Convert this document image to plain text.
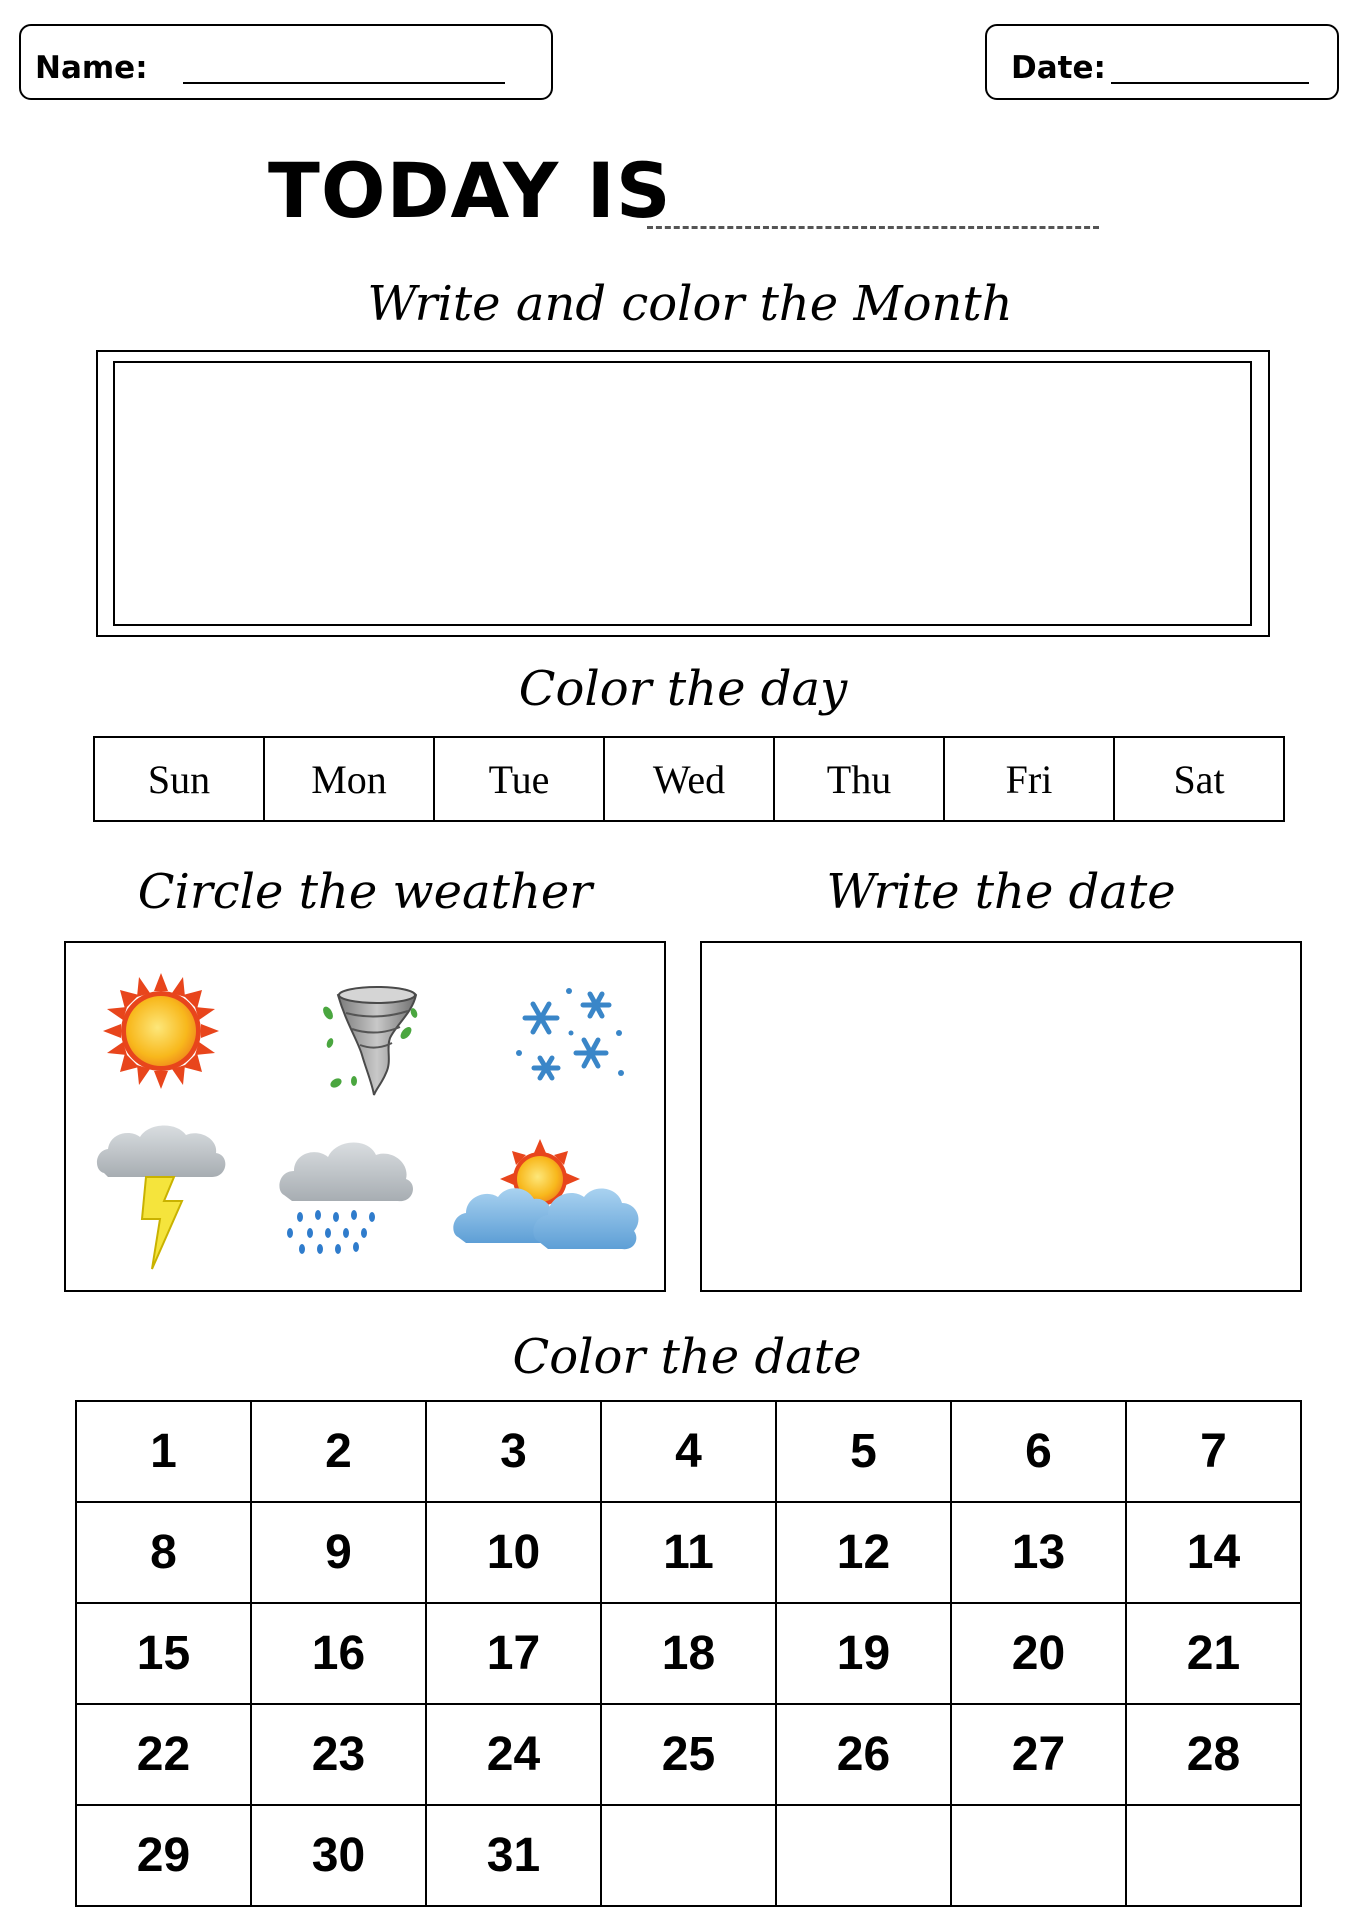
Name:	Date:
TODAY IS
Write and color the Month
Color the day
Sun	Mon	Tue	Wed	Thu	Fri	Sat
Circle the weather	Write the date
Color the date
1	2	3	4	5	6	7
8	9	10	11	12	13	14
15	16	17	18	19	20	21
22	23	24	25	26	27	28
29	30	31				
